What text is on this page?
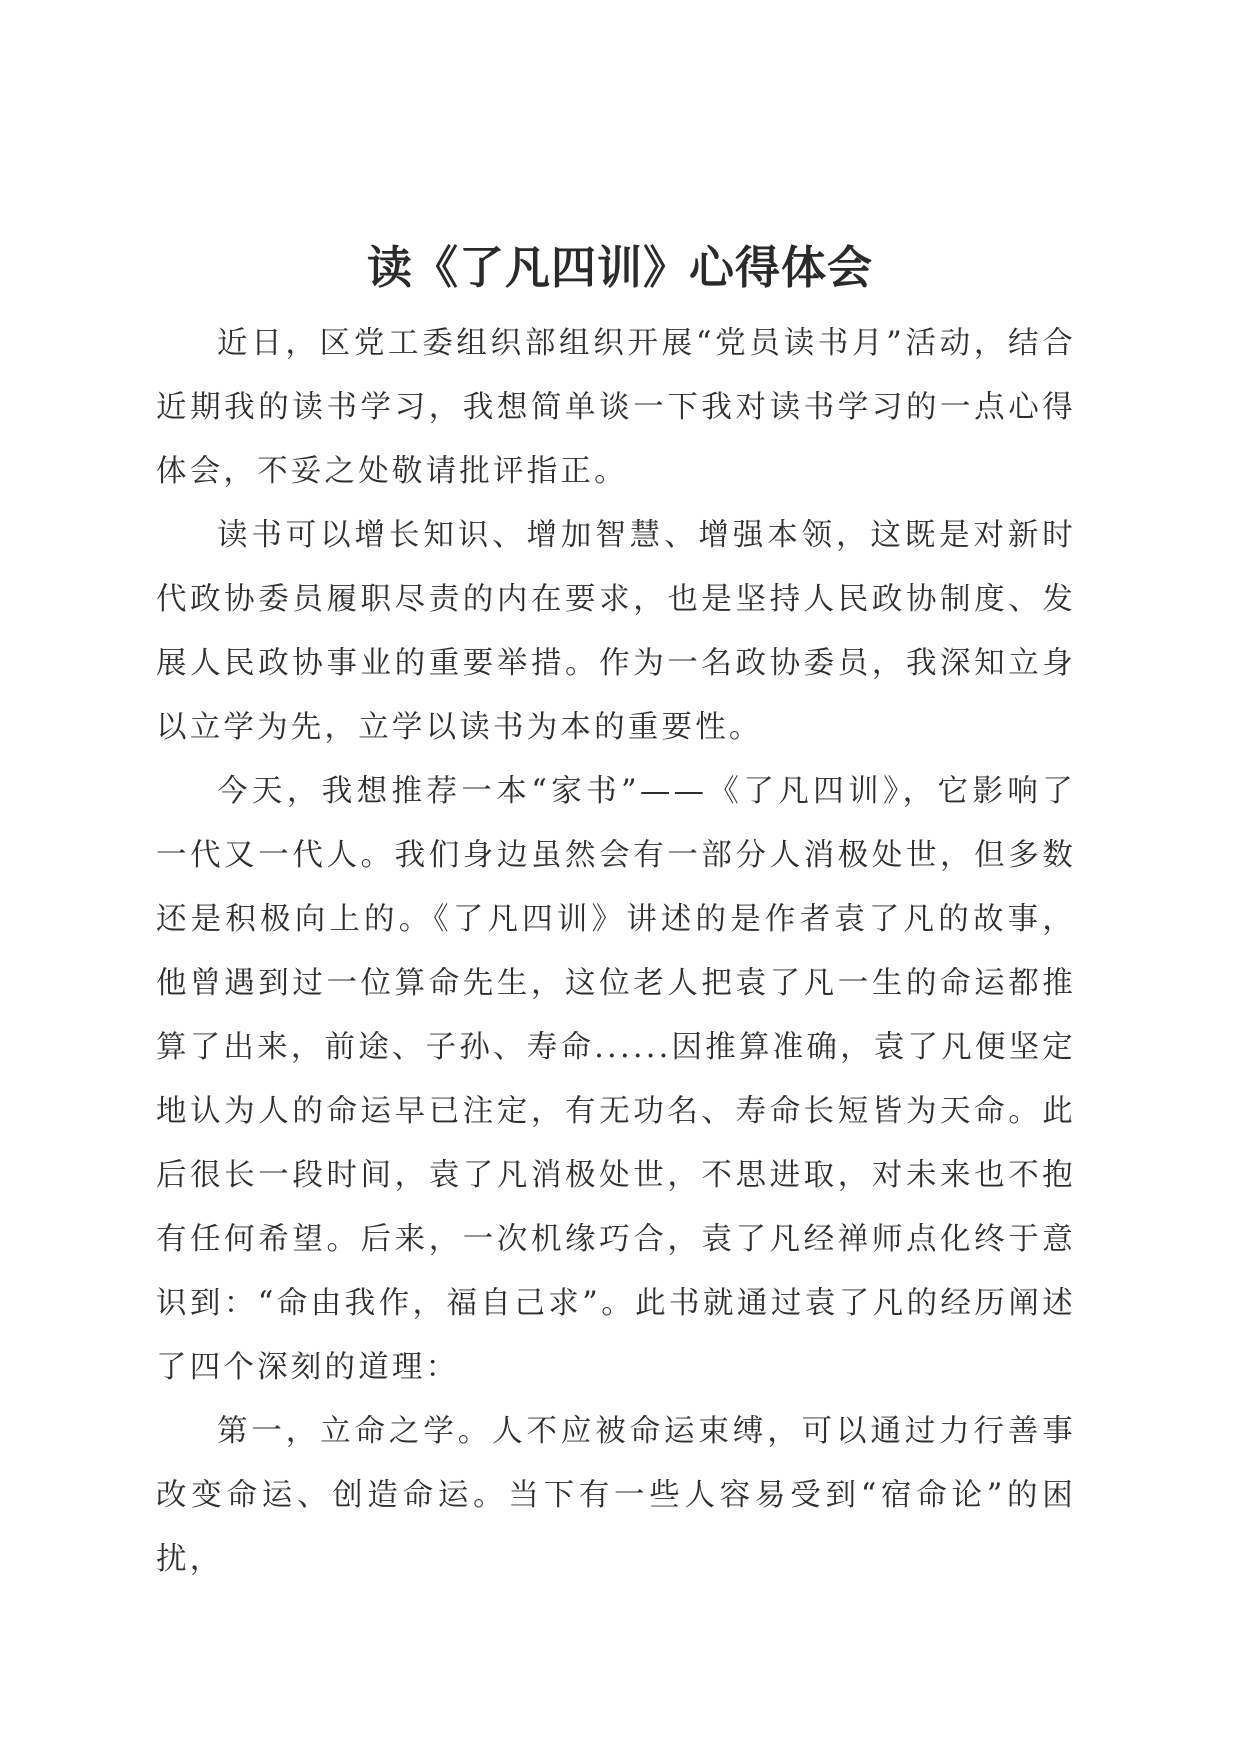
读《了凡四训》心得体会

近日，区党工委组织部组织开展“党员读书月”活动，结合近期我的读书学习，我想简单谈一下我对读书学习的一点心得体会，不妥之处敬请批评指正。

读书可以增长知识、增加智慧、增强本领，这既是对新时代政协委员履职尽责的内在要求，也是坚持人民政协制度、发展人民政协事业的重要举措。作为一名政协委员，我深知立身以立学为先，立学以读书为本的重要性。

今天，我想推荐一本“家书”——《了凡四训》，它影响了一代又一代人。我们身边虽然会有一部分人消极处世，但多数还是积极向上的。《了凡四训》讲述的是作者袁了凡的故事，他曾遇到过一位算命先生，这位老人把袁了凡一生的命运都推算了出来，前途、子孙、寿命......因推算准确，袁了凡便坚定地认为人的命运早已注定，有无功名、寿命长短皆为天命。此后很长一段时间，袁了凡消极处世，不思进取，对未来也不抱有任何希望。后来，一次机缘巧合，袁了凡经禅师点化终于意识到：“命由我作，福自己求”。此书就通过袁了凡的经历阐述了四个深刻的道理：

第一，立命之学。人不应被命运束缚，可以通过力行善事改变命运、创造命运。当下有一些人容易受到“宿命论”的困扰，
